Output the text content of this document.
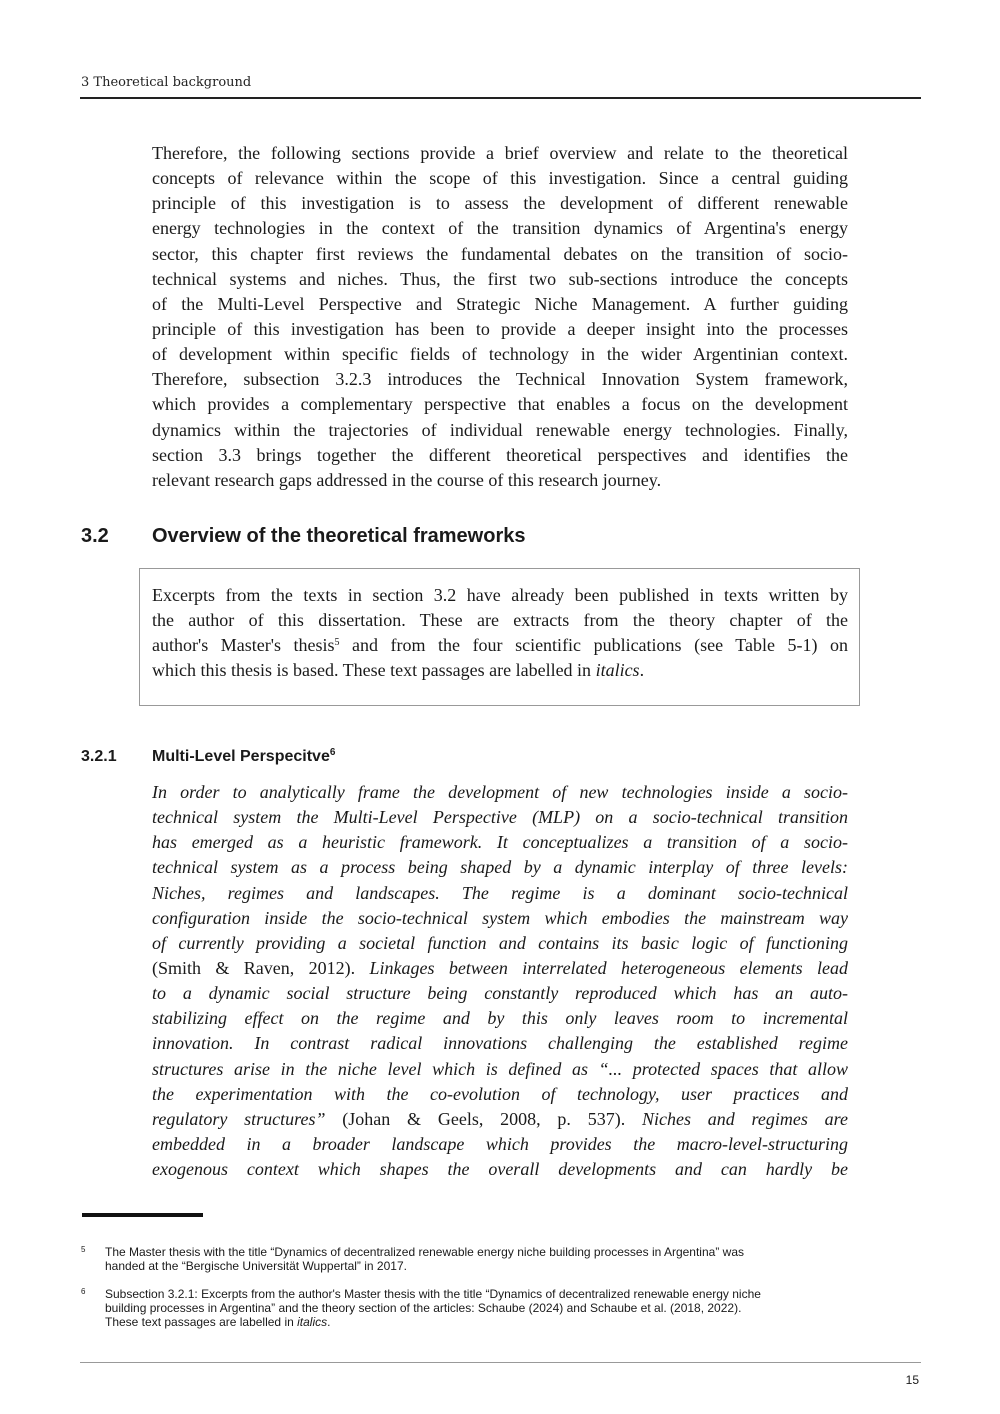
3 Theoretical background
Therefore, the following sections provide a brief overview and relate to the theoretical
concepts of relevance within the scope of this investigation. Since a central guiding
principle of this investigation is to assess the development of different renewable
energy technologies in the context of the transition dynamics of Argentina's energy
sector, this chapter first reviews the fundamental debates on the transition of socio-
technical systems and niches. Thus, the first two sub-sections introduce the concepts
of the Multi-Level Perspective and Strategic Niche Management. A further guiding
principle of this investigation has been to provide a deeper insight into the processes
of development within specific fields of technology in the wider Argentinian context.
Therefore, subsection 3.2.3 introduces the Technical Innovation System framework,
which provides a complementary perspective that enables a focus on the development
dynamics within the trajectories of individual renewable energy technologies. Finally,
section 3.3 brings together the different theoretical perspectives and identifies the
relevant research gaps addressed in the course of this research journey.
3.2 Overview of the theoretical frameworks
Excerpts from the texts in section 3.2 have already been published in texts written by
the author of this dissertation. These are extracts from the theory chapter of the
author's Master's thesis$^5$ and from the four scientific publications (see Table 5-1) on
which this thesis is based. These text passages are labelled in italics.
3.2.1 Multi-Level Perspecitve$^6$
In order to analytically frame the development of new technologies inside a socio-
technical system the Multi-Level Perspective (MLP) on a socio-technical transition
has emerged as a heuristic framework. It conceptualizes a transition of a socio-
technical system as a process being shaped by a dynamic interplay of three levels:
Niches, regimes and landscapes. The regime is a dominant socio-technical
configuration inside the socio-technical system which embodies the mainstream way
of currently providing a societal function and contains its basic logic of functioning
(Smith & Raven, 2012). Linkages between interrelated heterogeneous elements lead
to a dynamic social structure being constantly reproduced which has an auto-
stabilizing effect on the regime and by this only leaves room to incremental
innovation. In contrast radical innovations challenging the established regime
structures arise in the niche level which is defined as “... protected spaces that allow
the experimentation with the co-evolution of technology, user practices and
regulatory structures” (Johan & Geels, 2008, p. 537). Niches and regimes are
embedded in a broader landscape which provides the macro-level-structuring
exogenous context which shapes the overall developments and can hardly be
5 The Master thesis with the title “Dynamics of decentralized renewable energy niche building processes in Argentina” was
handed at the “Bergische Universität Wuppertal” in 2017.
6 Subsection 3.2.1: Excerpts from the author's Master thesis with the title “Dynamics of decentralized renewable energy niche
building processes in Argentina” and the theory section of the articles: Schaube (2024) and Schaube et al. (2018, 2022).
These text passages are labelled in italics.
15
